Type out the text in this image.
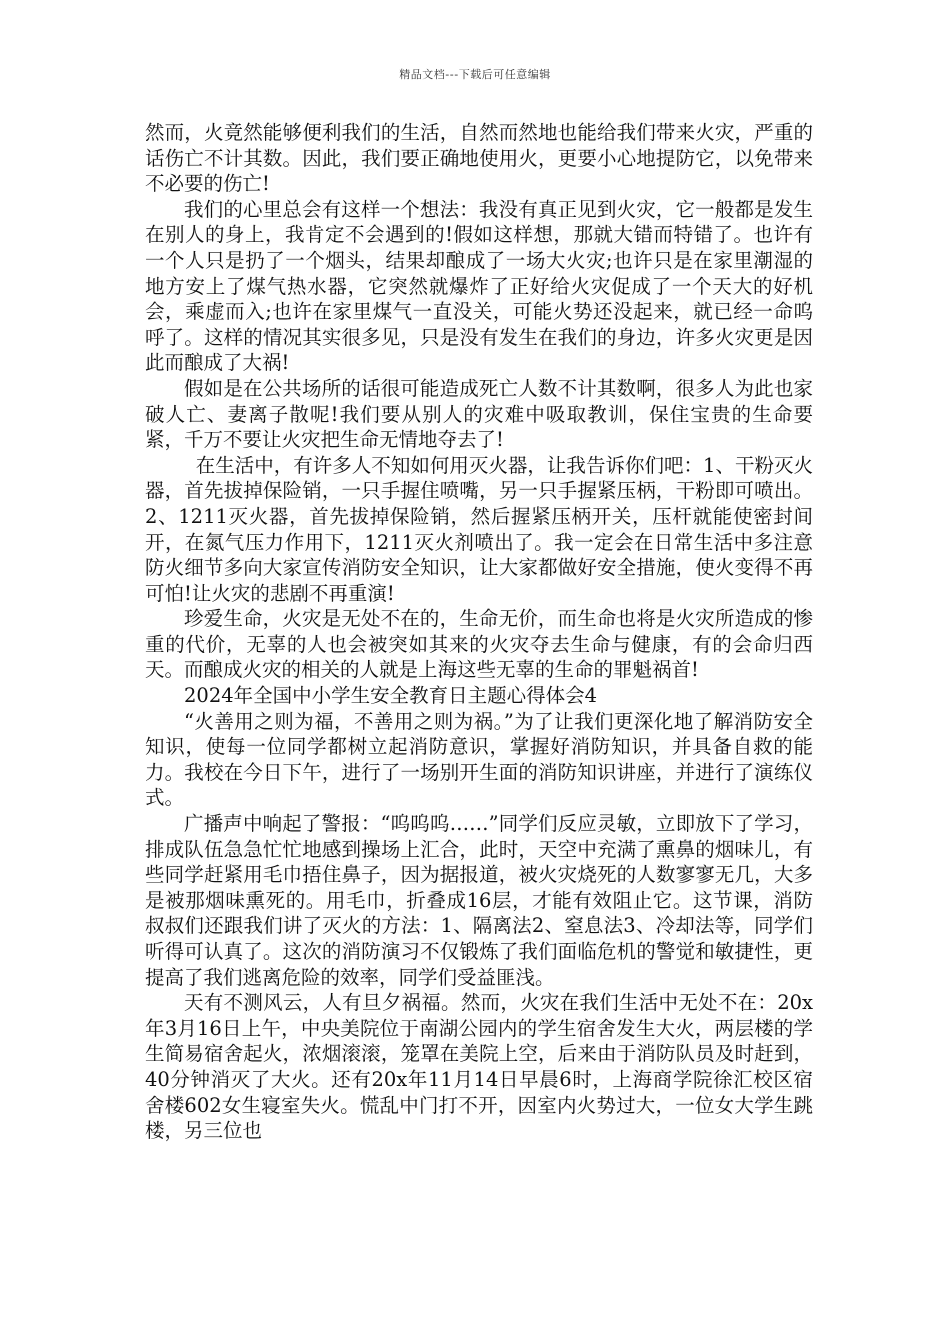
精品文档---下载后可任意编辑

然而，火竟然能够便利我们的生活，自然而然地也能给我们带来火灾，严重的话伤亡不计其数。因此，我们要正确地使用火，更要小心地提防它，以免带来不必要的伤亡!

我们的心里总会有这样一个想法：我没有真正见到火灾，它一般都是发生在别人的身上，我肯定不会遇到的!假如这样想，那就大错而特错了。也许有一个人只是扔了一个烟头，结果却酿成了一场大火灾;也许只是在家里潮湿的地方安上了煤气热水器，它突然就爆炸了正好给火灾促成了一个天大的好机会，乘虚而入;也许在家里煤气一直没关，可能火势还没起来，就已经一命呜呼了。这样的情况其实很多见，只是没有发生在我们的身边，许多火灾更是因此而酿成了大祸!

假如是在公共场所的话很可能造成死亡人数不计其数啊，很多人为此也家破人亡、妻离子散呢!我们要从别人的灾难中吸取教训，保住宝贵的生命要紧，千万不要让火灾把生命无情地夺去了!

在生活中，有许多人不知如何用灭火器，让我告诉你们吧：1、干粉灭火器，首先拔掉保险销，一只手握住喷嘴，另一只手握紧压柄，干粉即可喷出。2、1211灭火器，首先拔掉保险销，然后握紧压柄开关，压杆就能使密封间开，在氮气压力作用下，1211灭火剂喷出了。我一定会在日常生活中多注意防火细节多向大家宣传消防安全知识，让大家都做好安全措施，使火变得不再可怕!让火灾的悲剧不再重演!

珍爱生命，火灾是无处不在的，生命无价，而生命也将是火灾所造成的惨重的代价，无辜的人也会被突如其来的火灾夺去生命与健康，有的会命归西天。而酿成火灾的相关的人就是上海这些无辜的生命的罪魁祸首!

2024年全国中小学生安全教育日主题心得体会4

“火善用之则为福，不善用之则为祸。”为了让我们更深化地了解消防安全知识，使每一位同学都树立起消防意识，掌握好消防知识，并具备自救的能力。我校在今日下午，进行了一场别开生面的消防知识讲座，并进行了演练仪式。

广播声中响起了警报：“呜呜呜……”同学们反应灵敏，立即放下了学习，排成队伍急急忙忙地感到操场上汇合，此时，天空中充满了熏鼻的烟味儿，有些同学赶紧用毛巾捂住鼻子，因为据报道，被火灾烧死的人数寥寥无几，大多是被那烟味熏死的。用毛巾，折叠成16层，才能有效阻止它。这节课，消防叔叔们还跟我们讲了灭火的方法：1、隔离法2、窒息法3、冷却法等，同学们听得可认真了。这次的消防演习不仅锻炼了我们面临危机的警觉和敏捷性，更提高了我们逃离危险的效率，同学们受益匪浅。

天有不测风云，人有旦夕祸福。然而，火灾在我们生活中无处不在：20x年3月16日上午，中央美院位于南湖公园内的学生宿舍发生大火，两层楼的学生简易宿舍起火，浓烟滚滚，笼罩在美院上空，后来由于消防队员及时赶到，40分钟消灭了大火。还有20x年11月14日早晨6时，上海商学院徐汇校区宿舍楼602女生寝室失火。慌乱中门打不开，因室内火势过大，一位女大学生跳楼，另三位也
